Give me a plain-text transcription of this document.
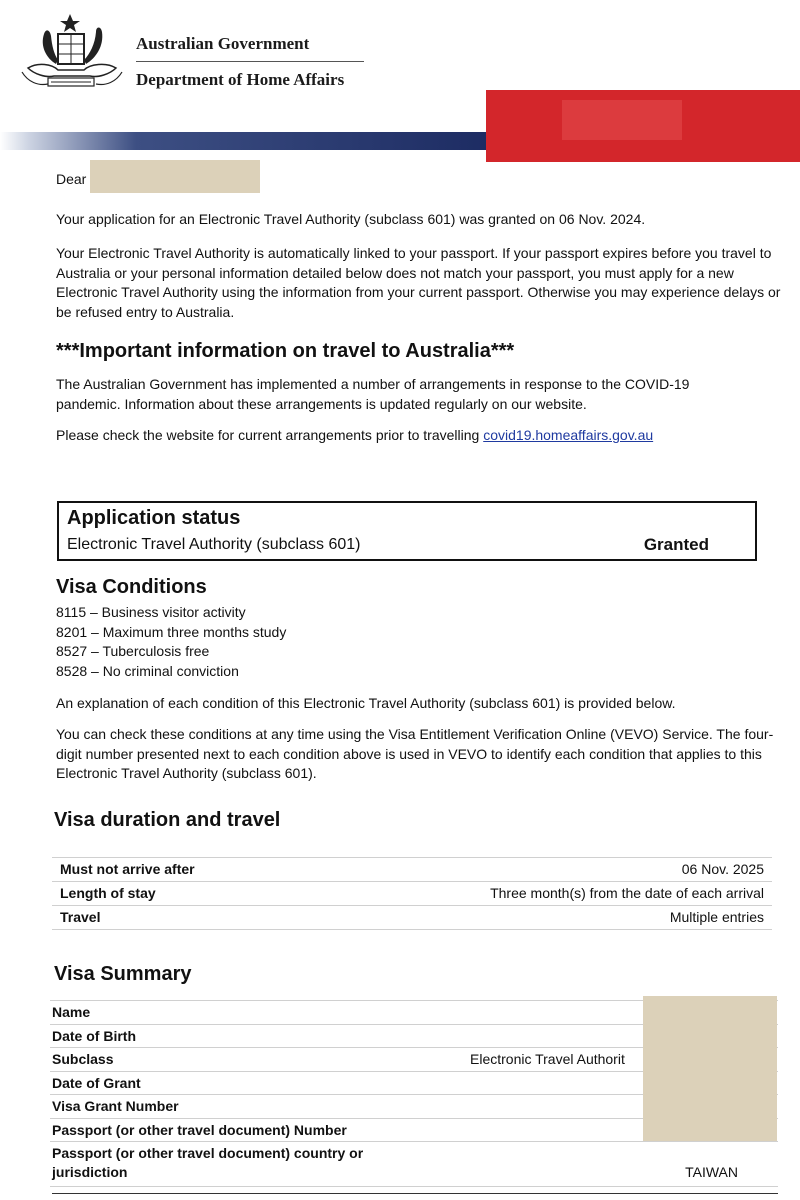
Australian Government
Department of Home Affairs
Dear
Your application for an Electronic Travel Authority (subclass 601) was granted on 06 Nov. 2024.
Your Electronic Travel Authority is automatically linked to your passport. If your passport expires before you travel to Australia or your personal information detailed below does not match your passport, you must apply for a new Electronic Travel Authority using the information from your current passport. Otherwise you may experience delays or be refused entry to Australia.
***Important information on travel to Australia***
The Australian Government has implemented a number of arrangements in response to the COVID-19 pandemic. Information about these arrangements is updated regularly on our website.
Please check the website for current arrangements prior to travelling covid19.homeaffairs.gov.au
Application status
Electronic Travel Authority (subclass 601)	Granted
Visa Conditions
8115 – Business visitor activity
8201 – Maximum three months study
8527 – Tuberculosis free
8528 – No criminal conviction
An explanation of each condition of this Electronic Travel Authority (subclass 601) is provided below.
You can check these conditions at any time using the Visa Entitlement Verification Online (VEVO) Service. The four-digit number presented next to each condition above is used in VEVO to identify each condition that applies to this Electronic Travel Authority (subclass 601).
Visa duration and travel
Must not arrive after	06 Nov. 2025
Length of stay	Three month(s) from the date of each arrival
Travel	Multiple entries
Visa Summary
Name
Date of Birth
Subclass	Electronic Travel Authorit
Date of Grant
Visa Grant Number
Passport (or other travel document) Number
Passport (or other travel document) country or jurisdiction	TAIWAN
